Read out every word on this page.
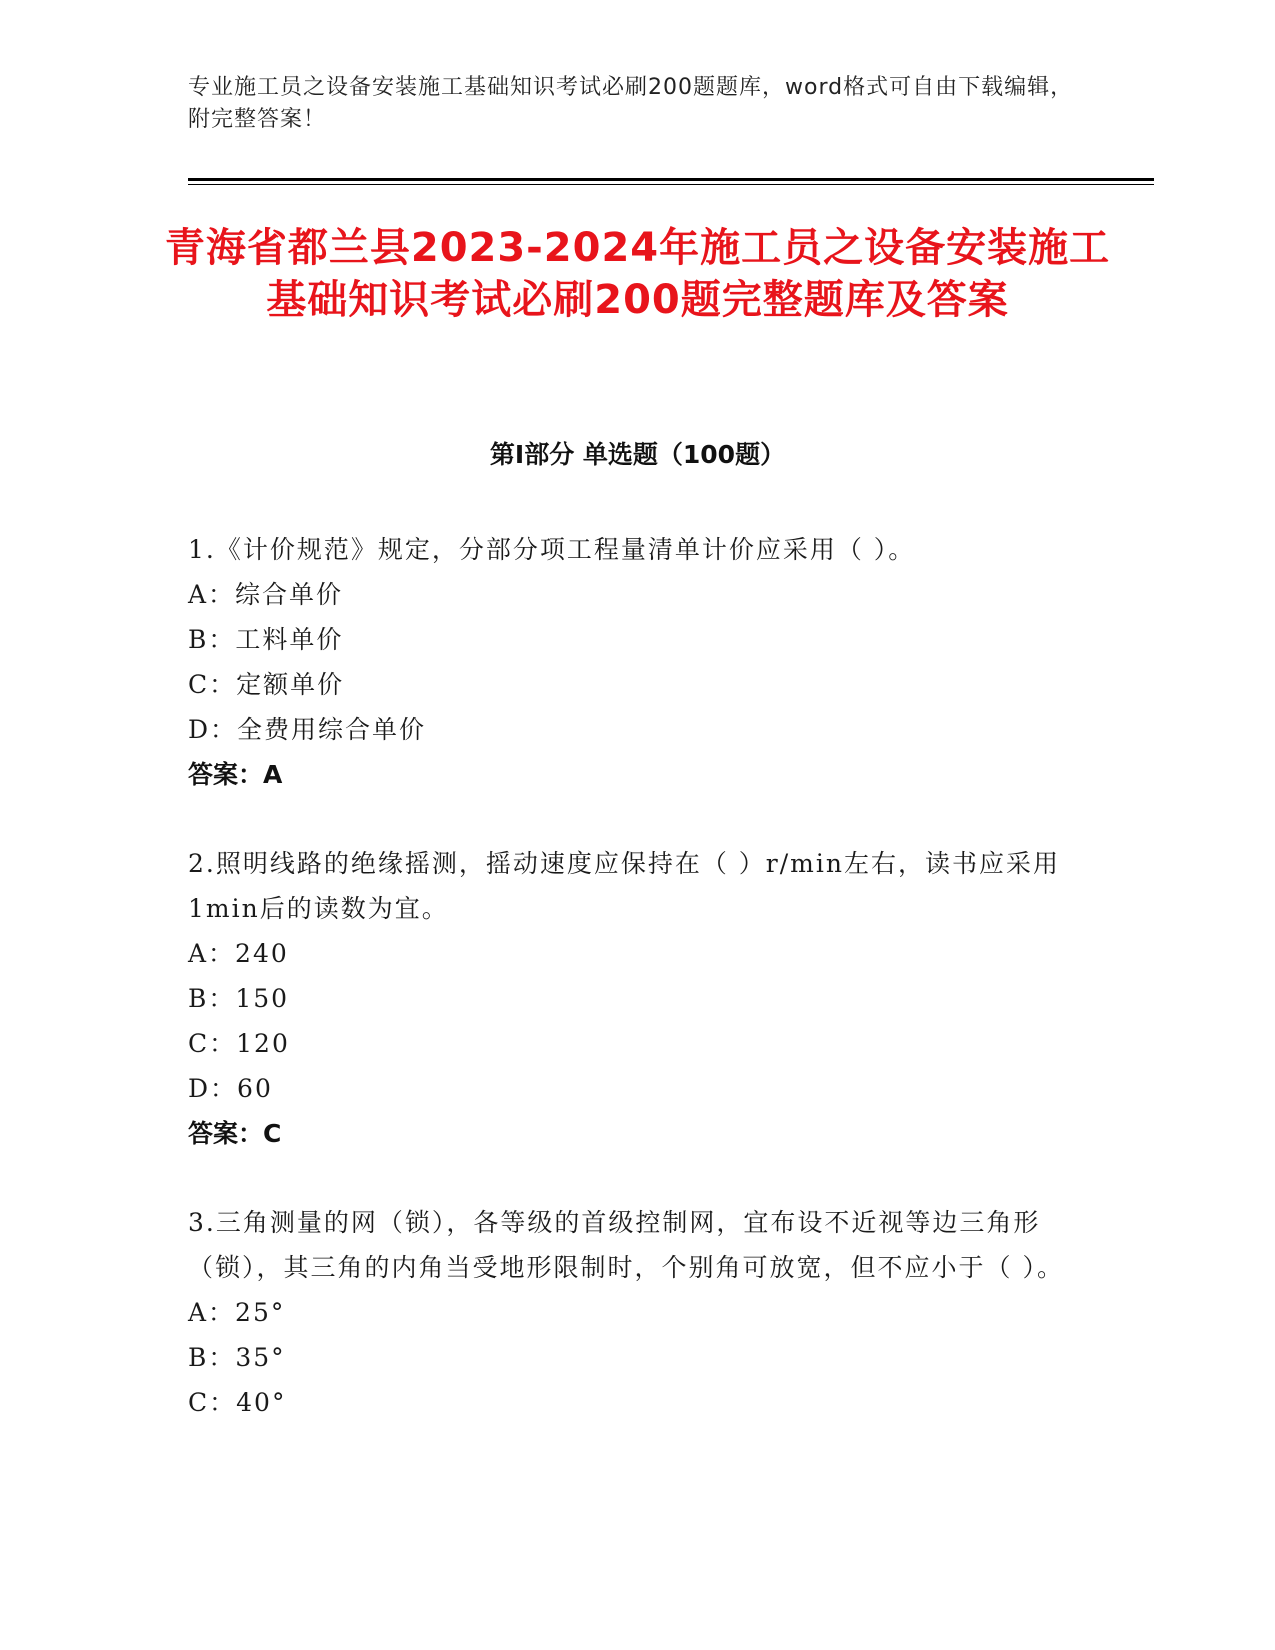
专业施工员之设备安装施工基础知识考试必刷200题题库，word格式可自由下载编辑，附完整答案！
青海省都兰县2023-2024年施工员之设备安装施工基础知识考试必刷200题完整题库及答案
第Ⅰ部分 单选题（100题）

1.《计价规范》规定，分部分项工程量清单计价应采用（ ）。

A：综合单价

B：工料单价

C：定额单价

D：全费用综合单价

答案：A

2.照明线路的绝缘摇测，摇动速度应保持在（ ）r/min左右，读书应采用1min后的读数为宜。

A：240

B：150

C：120

D：60

答案：C

3.三角测量的网（锁），各等级的首级控制网，宜布设不近视等边三角形（锁），其三角的内角当受地形限制时，个别角可放宽，但不应小于（ ）。

A：25°

B：35°

C：40°
